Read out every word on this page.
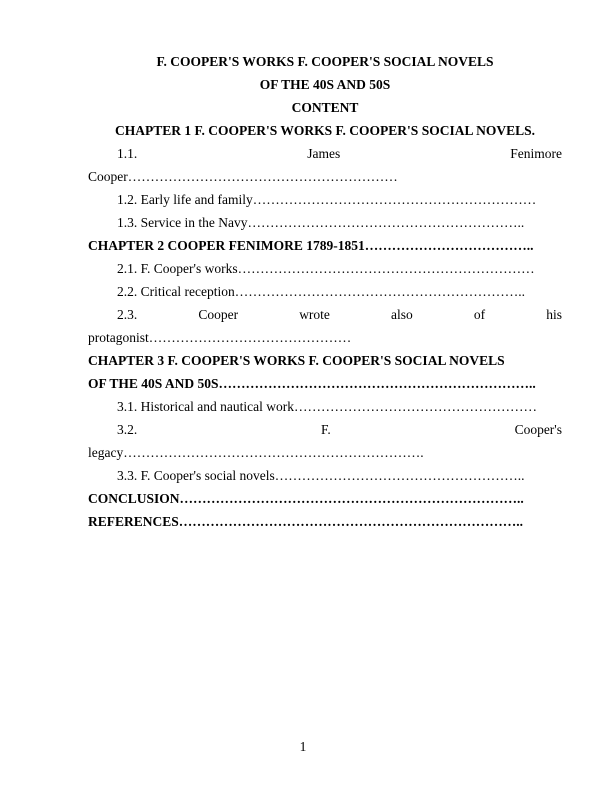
F. COOPER'S WORKS F. COOPER'S SOCIAL NOVELS
OF THE 40S AND 50S
CONTENT
CHAPTER 1 F. COOPER'S WORKS F. COOPER'S SOCIAL NOVELS.
1.1.	James	Fenimore
Cooper……………………………………………………
1.2. Early life and family………………………………………………………
1.3. Service in the Navy……………………………………………………..
CHAPTER 2 COOPER FENIMORE 1789-1851………………………………..
2.1. F. Cooper's works…………………………………………………………
2.2. Critical reception………………………………………………………..
2.3.	Cooper	wrote	also	of	his
protagonist………………………………………
CHAPTER 3 F. COOPER'S WORKS F. COOPER'S SOCIAL NOVELS
OF THE 40S AND 50S……………………………………………………………..
3.1. Historical and nautical work………………………………………………
3.2.	F.	Cooper's
legacy………………………………………………………….
3.3. F. Cooper's social novels………………………………………………..
CONCLUSION…………………………………………………………………..
REFERENCES…………………………………………………………………..
1
